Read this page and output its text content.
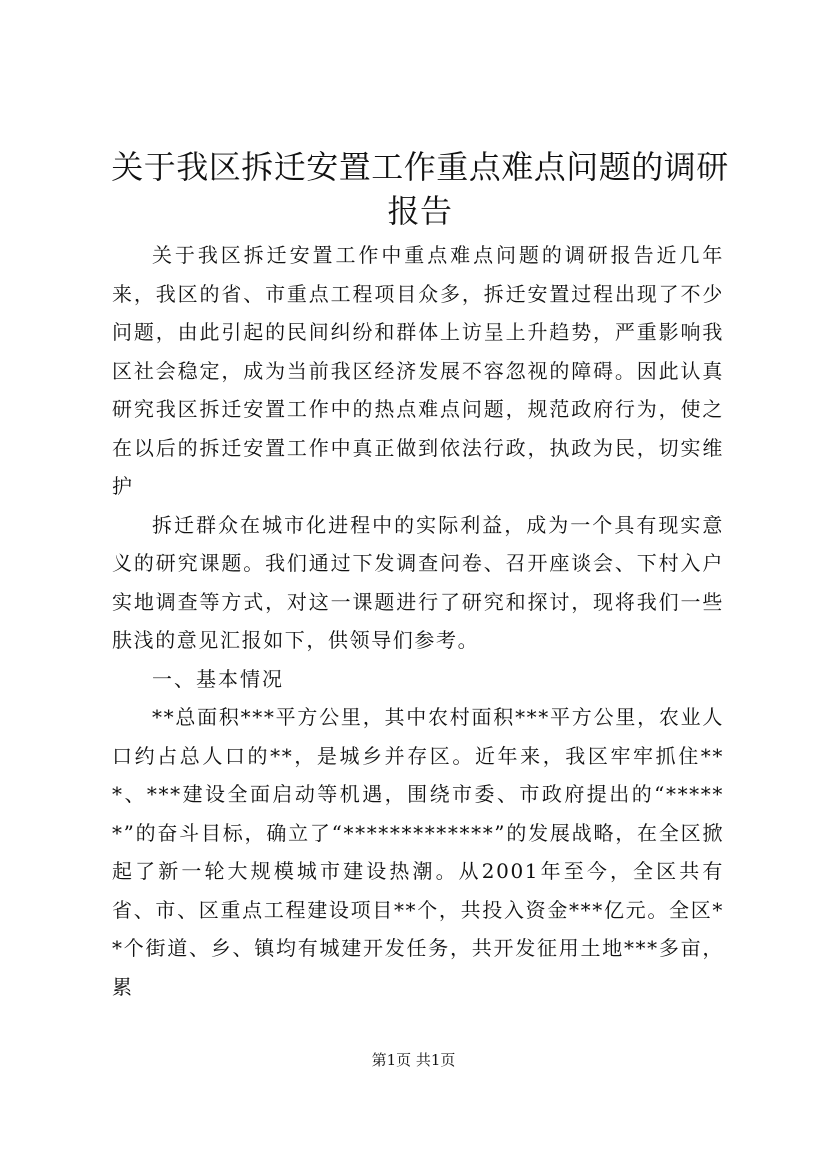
关于我区拆迁安置工作重点难点问题的调研报告

关于我区拆迁安置工作中重点难点问题的调研报告近几年来，我区的省、市重点工程项目众多，拆迁安置过程出现了不少问题，由此引起的民间纠纷和群体上访呈上升趋势，严重影响我区社会稳定，成为当前我区经济发展不容忽视的障碍。因此认真研究我区拆迁安置工作中的热点难点问题，规范政府行为，使之在以后的拆迁安置工作中真正做到依法行政，执政为民，切实维护

拆迁群众在城市化进程中的实际利益，成为一个具有现实意义的研究课题。我们通过下发调查问卷、召开座谈会、下村入户实地调查等方式，对这一课题进行了研究和探讨，现将我们一些肤浅的意见汇报如下，供领导们参考。

一、基本情况

**总面积***平方公里，其中农村面积***平方公里，农业人口约占总人口的**，是城乡并存区。近年来，我区牢牢抓住***、***建设全面启动等机遇，围绕市委、市政府提出的“******”的奋斗目标，确立了“*************”的发展战略，在全区掀起了新一轮大规模城市建设热潮。从2001年至今，全区共有省、市、区重点工程建设项目**个，共投入资金***亿元。全区**个街道、乡、镇均有城建开发任务，共开发征用土地***多亩，累

第1页 共1页
